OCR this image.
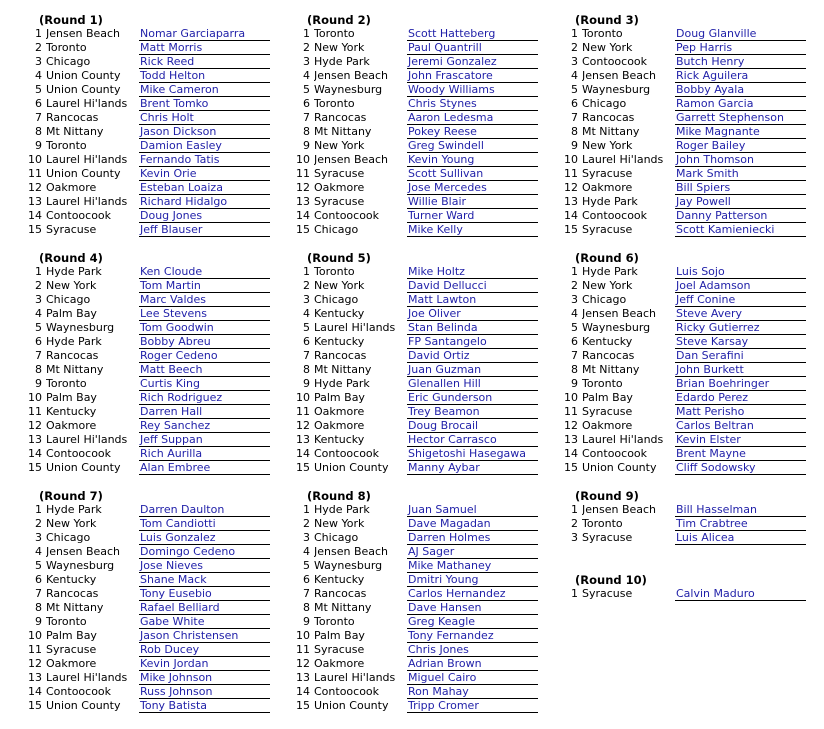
(Round 1)
1 Jensen Beach	Nomar Garciaparra
2 Toronto	Matt Morris
3 Chicago	Rick Reed
4 Union County	Todd Helton
5 Union County	Mike Cameron
6 Laurel Hi'lands	Brent Tomko
7 Rancocas	Chris Holt
8 Mt Nittany	Jason Dickson
9 Toronto	Damion Easley
10 Laurel Hi'lands	Fernando Tatis
11 Union County	Kevin Orie
12 Oakmore	Esteban Loaiza
13 Laurel Hi'lands	Richard Hidalgo
14 Contoocook	Doug Jones
15 Syracuse	Jeff Blauser
(Round 2)
1 Toronto	Scott Hatteberg
2 New York	Paul Quantrill
3 Hyde Park	Jeremi Gonzalez
4 Jensen Beach	John Frascatore
5 Waynesburg	Woody Williams
6 Toronto	Chris Stynes
7 Rancocas	Aaron Ledesma
8 Mt Nittany	Pokey Reese
9 New York	Greg Swindell
10 Jensen Beach	Kevin Young
11 Syracuse	Scott Sullivan
12 Oakmore	Jose Mercedes
13 Syracuse	Willie Blair
14 Contoocook	Turner Ward
15 Chicago	Mike Kelly
(Round 3)
1 Toronto	Doug Glanville
2 New York	Pep Harris
3 Contoocook	Butch Henry
4 Jensen Beach	Rick Aguilera
5 Waynesburg	Bobby Ayala
6 Chicago	Ramon Garcia
7 Rancocas	Garrett Stephenson
8 Mt Nittany	Mike Magnante
9 New York	Roger Bailey
10 Laurel Hi'lands	John Thomson
11 Syracuse	Mark Smith
12 Oakmore	Bill Spiers
13 Hyde Park	Jay Powell
14 Contoocook	Danny Patterson
15 Syracuse	Scott Kamieniecki
(Round 4)
1 Hyde Park	Ken Cloude
2 New York	Tom Martin
3 Chicago	Marc Valdes
4 Palm Bay	Lee Stevens
5 Waynesburg	Tom Goodwin
6 Hyde Park	Bobby Abreu
7 Rancocas	Roger Cedeno
8 Mt Nittany	Matt Beech
9 Toronto	Curtis King
10 Palm Bay	Rich Rodriguez
11 Kentucky	Darren Hall
12 Oakmore	Rey Sanchez
13 Laurel Hi'lands	Jeff Suppan
14 Contoocook	Rich Aurilla
15 Union County	Alan Embree
(Round 5)
1 Toronto	Mike Holtz
2 New York	David Dellucci
3 Chicago	Matt Lawton
4 Kentucky	Joe Oliver
5 Laurel Hi'lands	Stan Belinda
6 Kentucky	FP Santangelo
7 Rancocas	David Ortiz
8 Mt Nittany	Juan Guzman
9 Hyde Park	Glenallen Hill
10 Palm Bay	Eric Gunderson
11 Oakmore	Trey Beamon
12 Oakmore	Doug Brocail
13 Kentucky	Hector Carrasco
14 Contoocook	Shigetoshi Hasegawa
15 Union County	Manny Aybar
(Round 6)
1 Hyde Park	Luis Sojo
2 New York	Joel Adamson
3 Chicago	Jeff Conine
4 Jensen Beach	Steve Avery
5 Waynesburg	Ricky Gutierrez
6 Kentucky	Steve Karsay
7 Rancocas	Dan Serafini
8 Mt Nittany	John Burkett
9 Toronto	Brian Boehringer
10 Palm Bay	Edardo Perez
11 Syracuse	Matt Perisho
12 Oakmore	Carlos Beltran
13 Laurel Hi'lands	Kevin Elster
14 Contoocook	Brent Mayne
15 Union County	Cliff Sodowsky
(Round 7)
1 Hyde Park	Darren Daulton
2 New York	Tom Candiotti
3 Chicago	Luis Gonzalez
4 Jensen Beach	Domingo Cedeno
5 Waynesburg	Jose Nieves
6 Kentucky	Shane Mack
7 Rancocas	Tony Eusebio
8 Mt Nittany	Rafael Belliard
9 Toronto	Gabe White
10 Palm Bay	Jason Christensen
11 Syracuse	Rob Ducey
12 Oakmore	Kevin Jordan
13 Laurel Hi'lands	Mike Johnson
14 Contoocook	Russ Johnson
15 Union County	Tony Batista
(Round 8)
1 Hyde Park	Juan Samuel
2 New York	Dave Magadan
3 Chicago	Darren Holmes
4 Jensen Beach	AJ Sager
5 Waynesburg	Mike Mathaney
6 Kentucky	Dmitri Young
7 Rancocas	Carlos Hernandez
8 Mt Nittany	Dave Hansen
9 Toronto	Greg Keagle
10 Palm Bay	Tony Fernandez
11 Syracuse	Chris Jones
12 Oakmore	Adrian Brown
13 Laurel Hi'lands	Miguel Cairo
14 Contoocook	Ron Mahay
15 Union County	Tripp Cromer
(Round 9)
1 Jensen Beach	Bill Hasselman
2 Toronto	Tim Crabtree
3 Syracuse	Luis Alicea
(Round 10)
1 Syracuse	Calvin Maduro
